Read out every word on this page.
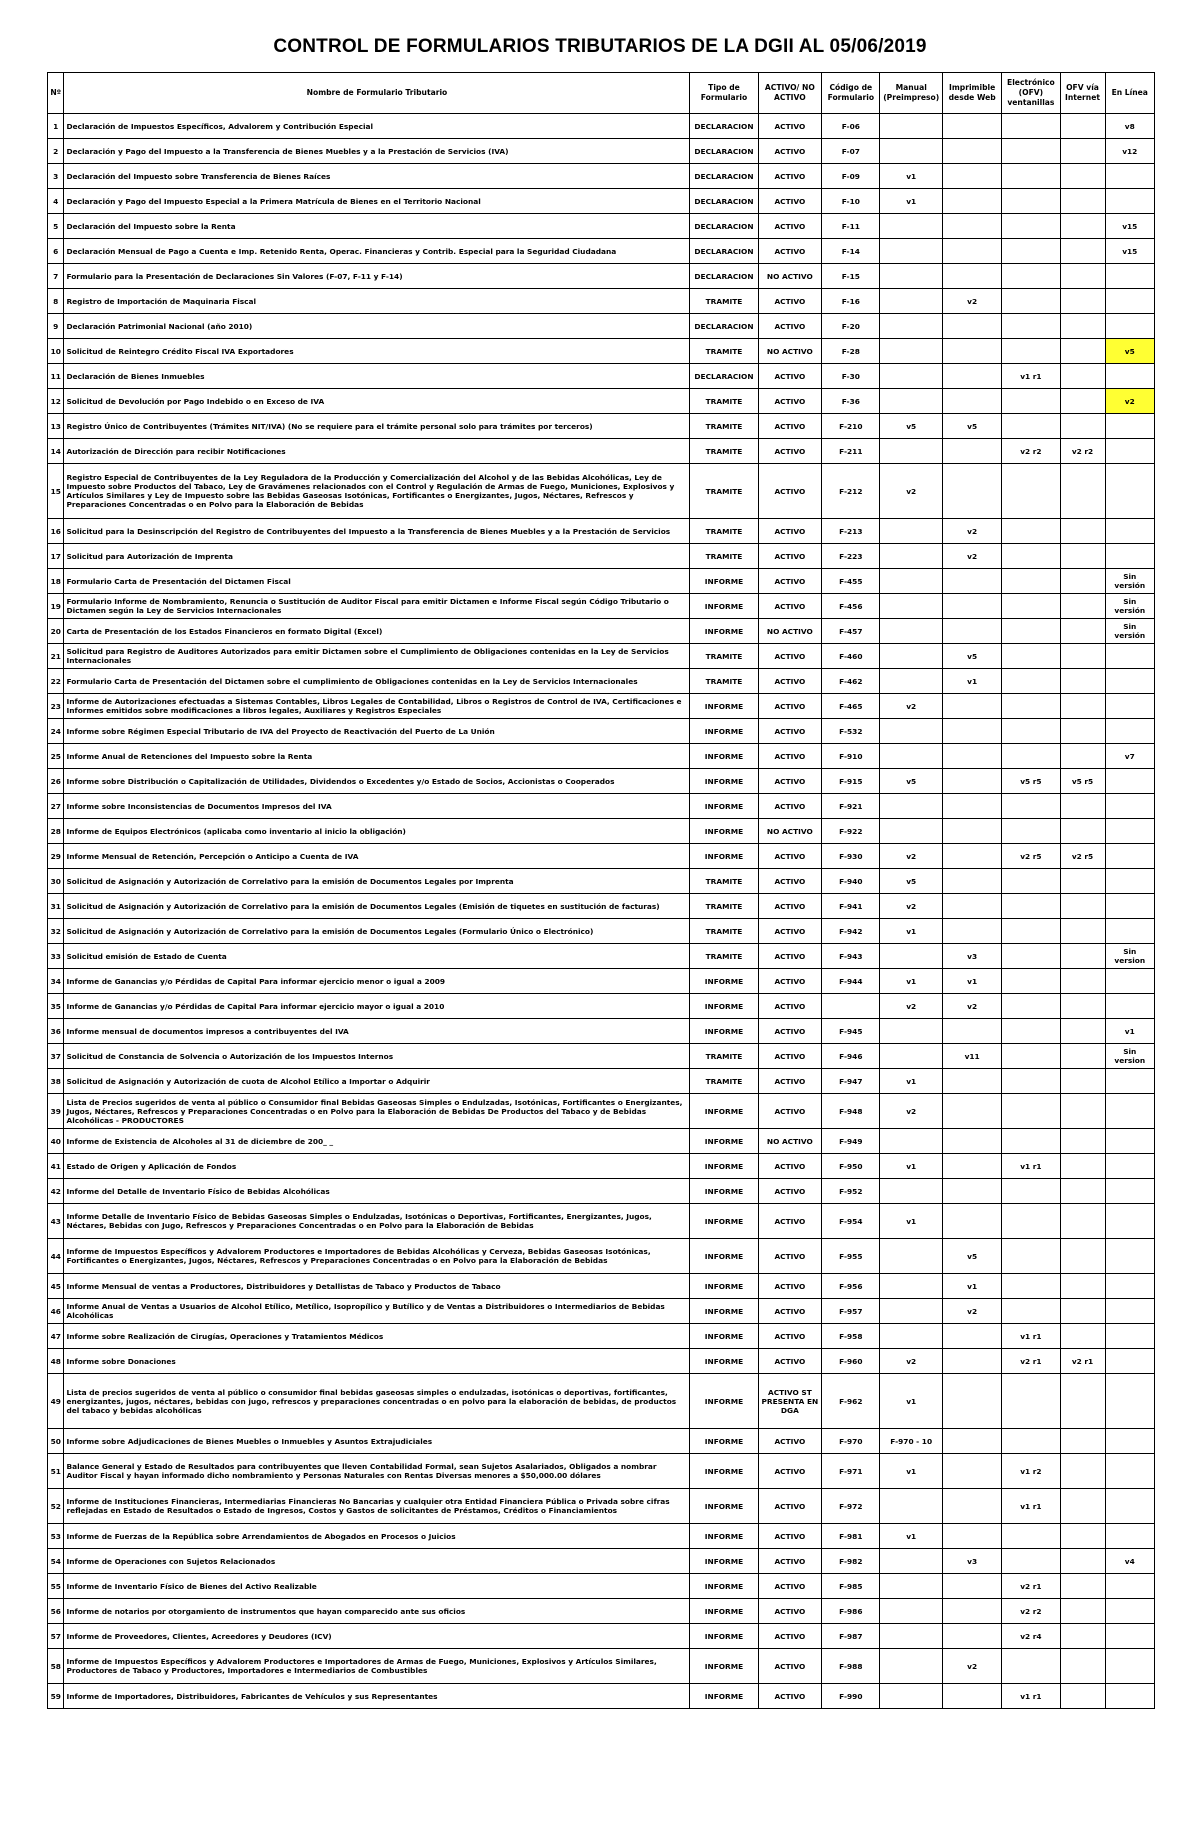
CONTROL DE FORMULARIOS TRIBUTARIOS DE LA DGII AL 05/06/2019
Nº	Nombre de Formulario Tributario	Tipo de Formulario	ACTIVO/ NO ACTIVO	Código de Formulario	Manual (Preimpreso)	Imprimible desde Web	Electrónico (OFV) ventanillas	OFV vía Internet	En Línea
1	Declaración de Impuestos Específicos, Advalorem y Contribución Especial	DECLARACION	ACTIVO	F-06					v8
2	Declaración y Pago del Impuesto a la Transferencia de Bienes Muebles y a la Prestación de Servicios (IVA)	DECLARACION	ACTIVO	F-07					v12
3	Declaración del Impuesto sobre Transferencia de Bienes Raíces	DECLARACION	ACTIVO	F-09	v1				
4	Declaración y Pago del Impuesto Especial a la Primera Matrícula de Bienes en el Territorio Nacional	DECLARACION	ACTIVO	F-10	v1				
5	Declaración del Impuesto sobre la Renta	DECLARACION	ACTIVO	F-11					v15
6	Declaración Mensual de Pago a Cuenta e Imp. Retenido Renta, Operac. Financieras y Contrib. Especial para la Seguridad Ciudadana	DECLARACION	ACTIVO	F-14					v15
7	Formulario para la Presentación de Declaraciones Sin Valores (F-07, F-11 y F-14)	DECLARACION	NO ACTIVO	F-15					
8	Registro de Importación de Maquinaria Fiscal	TRAMITE	ACTIVO	F-16		v2			
9	Declaración Patrimonial Nacional (año 2010)	DECLARACION	ACTIVO	F-20					
10	Solicitud de Reintegro Crédito Fiscal IVA Exportadores	TRAMITE	NO ACTIVO	F-28					v5
11	Declaración de Bienes Inmuebles	DECLARACION	ACTIVO	F-30			v1 r1		
12	Solicitud de Devolución por Pago Indebido o en Exceso de IVA	TRAMITE	ACTIVO	F-36					v2
13	Registro Único de Contribuyentes (Trámites NIT/IVA) (No se requiere para el trámite personal solo para trámites por terceros)	TRAMITE	ACTIVO	F-210	v5	v5			
14	Autorización de Dirección para recibir Notificaciones	TRAMITE	ACTIVO	F-211			v2 r2	v2 r2	
15	Registro Especial de Contribuyentes de la Ley Reguladora de la Producción y Comercialización del Alcohol y de las Bebidas Alcohólicas, Ley de Impuesto sobre Productos del Tabaco, Ley de Gravámenes relacionados con el Control y Regulación de Armas de Fuego, Municiones, Explosivos y Artículos Similares y Ley de Impuesto sobre las Bebidas Gaseosas Isotónicas, Fortificantes o Energizantes, Jugos, Néctares, Refrescos y Preparaciones Concentradas o en Polvo para la Elaboración de Bebidas	TRAMITE	ACTIVO	F-212	v2				
16	Solicitud para la Desinscripción del Registro de Contribuyentes del Impuesto a la Transferencia de Bienes Muebles y a la Prestación de Servicios	TRAMITE	ACTIVO	F-213		v2			
17	Solicitud para Autorización de Imprenta	TRAMITE	ACTIVO	F-223		v2			
18	Formulario Carta de Presentación del Dictamen Fiscal	INFORME	ACTIVO	F-455					Sin versión
19	Formulario Informe de Nombramiento, Renuncia o Sustitución de Auditor Fiscal para emitir Dictamen e Informe Fiscal según Código Tributario o Dictamen según la Ley de Servicios Internacionales	INFORME	ACTIVO	F-456					Sin versión
20	Carta de Presentación de los Estados Financieros en formato Digital (Excel)	INFORME	NO ACTIVO	F-457					Sin versión
21	Solicitud para Registro de Auditores Autorizados para emitir Dictamen sobre el Cumplimiento de Obligaciones contenidas en la Ley de Servicios Internacionales	TRAMITE	ACTIVO	F-460		v5			
22	Formulario Carta de Presentación del Dictamen sobre el cumplimiento de Obligaciones contenidas en la Ley de Servicios Internacionales	TRAMITE	ACTIVO	F-462		v1			
23	Informe de Autorizaciones efectuadas a Sistemas Contables, Libros Legales de Contabilidad, Libros o Registros de Control de IVA, Certificaciones e Informes emitidos sobre modificaciones a libros legales, Auxiliares y Registros Especiales	INFORME	ACTIVO	F-465	v2				
24	Informe sobre Régimen Especial Tributario de IVA del Proyecto de Reactivación del Puerto de La Unión	INFORME	ACTIVO	F-532					
25	Informe Anual de Retenciones del Impuesto sobre la Renta	INFORME	ACTIVO	F-910					v7
26	Informe sobre Distribución o Capitalización de Utilidades, Dividendos o Excedentes y/o Estado de Socios, Accionistas o Cooperados	INFORME	ACTIVO	F-915	v5		v5 r5	v5 r5	
27	Informe sobre Inconsistencias de Documentos Impresos del IVA	INFORME	ACTIVO	F-921					
28	Informe de Equipos Electrónicos (aplicaba como inventario al inicio la obligación)	INFORME	NO ACTIVO	F-922					
29	Informe Mensual de Retención, Percepción o Anticipo a Cuenta de IVA	INFORME	ACTIVO	F-930	v2		v2 r5	v2 r5	
30	Solicitud de Asignación y Autorización de Correlativo para la emisión de Documentos Legales por Imprenta	TRAMITE	ACTIVO	F-940	v5				
31	Solicitud de Asignación y Autorización de Correlativo para la emisión de Documentos Legales (Emisión de tiquetes en sustitución de facturas)	TRAMITE	ACTIVO	F-941	v2				
32	Solicitud de Asignación y Autorización de Correlativo para la emisión de Documentos Legales (Formulario Único o Electrónico)	TRAMITE	ACTIVO	F-942	v1				
33	Solicitud emisión de Estado de Cuenta	TRAMITE	ACTIVO	F-943		v3			Sin version
34	Informe de Ganancias y/o Pérdidas de Capital Para informar ejercicio menor o igual a 2009	INFORME	ACTIVO	F-944	v1	v1			
35	Informe de Ganancias y/o Pérdidas de Capital Para informar ejercicio mayor o igual a 2010	INFORME	ACTIVO		v2	v2			
36	Informe mensual de documentos impresos a contribuyentes del IVA	INFORME	ACTIVO	F-945					v1
37	Solicitud de Constancia de Solvencia o Autorización de los Impuestos Internos	TRAMITE	ACTIVO	F-946		v11			Sin version
38	Solicitud de Asignación y Autorización de cuota de Alcohol Etílico a Importar o Adquirir	TRAMITE	ACTIVO	F-947	v1				
39	Lista de Precios sugeridos de venta al público o Consumidor final Bebidas Gaseosas Simples o Endulzadas, Isotónicas, Fortificantes o Energizantes, Jugos, Néctares, Refrescos y Preparaciones Concentradas o en Polvo para la Elaboración de Bebidas De Productos del Tabaco y de Bebidas Alcohólicas - PRODUCTORES	INFORME	ACTIVO	F-948	v2				
40	Informe de Existencia de Alcoholes al 31 de diciembre de 200_ _	INFORME	NO ACTIVO	F-949					
41	Estado de Origen y Aplicación de Fondos	INFORME	ACTIVO	F-950	v1		v1 r1		
42	Informe del Detalle de Inventario Físico de Bebidas Alcohólicas	INFORME	ACTIVO	F-952					
43	Informe Detalle de Inventario Físico de Bebidas Gaseosas Simples o Endulzadas, Isotónicas o Deportivas, Fortificantes, Energizantes, Jugos, Néctares, Bebidas con Jugo, Refrescos y Preparaciones Concentradas o en Polvo para la Elaboración de Bebidas	INFORME	ACTIVO	F-954	v1				
44	Informe de Impuestos Específicos y Advalorem Productores e Importadores de Bebidas Alcohólicas y Cerveza, Bebidas Gaseosas Isotónicas, Fortificantes o Energizantes, Jugos, Néctares, Refrescos y Preparaciones Concentradas o en Polvo para la Elaboración de Bebidas	INFORME	ACTIVO	F-955		v5			
45	Informe Mensual de ventas a Productores, Distribuidores y Detallistas de Tabaco y Productos de Tabaco	INFORME	ACTIVO	F-956		v1			
46	Informe Anual de Ventas a Usuarios de Alcohol Etílico, Metílico, Isopropílico y Butílico y de Ventas a Distribuidores o Intermediarios de Bebidas Alcohólicas	INFORME	ACTIVO	F-957		v2			
47	Informe sobre Realización de Cirugías, Operaciones y Tratamientos Médicos	INFORME	ACTIVO	F-958			v1 r1		
48	Informe sobre Donaciones	INFORME	ACTIVO	F-960	v2		v2 r1	v2 r1	
49	Lista de precios sugeridos de venta al público o consumidor final bebidas gaseosas simples o endulzadas, isotónicas o deportivas, fortificantes, energizantes, jugos, néctares, bebidas con jugo, refrescos y preparaciones concentradas o en polvo para la elaboración de bebidas, de productos del tabaco y bebidas alcohólicas	INFORME	ACTIVO ST PRESENTA EN DGA	F-962	v1				
50	Informe sobre Adjudicaciones de Bienes Muebles o Inmuebles y Asuntos Extrajudiciales	INFORME	ACTIVO	F-970	F-970 - 10				
51	Balance General y Estado de Resultados para contribuyentes que lleven Contabilidad Formal, sean Sujetos Asalariados, Obligados a nombrar Auditor Fiscal y hayan informado dicho nombramiento y Personas Naturales con Rentas Diversas menores a $50,000.00 dólares	INFORME	ACTIVO	F-971	v1		v1 r2		
52	Informe de Instituciones Financieras, Intermediarias Financieras No Bancarias y cualquier otra Entidad Financiera Pública o Privada sobre cifras reflejadas en Estado de Resultados o Estado de Ingresos, Costos y Gastos de solicitantes de Préstamos, Créditos o Financiamientos	INFORME	ACTIVO	F-972			v1 r1		
53	Informe de Fuerzas de la República sobre Arrendamientos de Abogados en Procesos o Juicios	INFORME	ACTIVO	F-981	v1				
54	Informe de Operaciones con Sujetos Relacionados	INFORME	ACTIVO	F-982		v3			v4
55	Informe de Inventario Físico de Bienes del Activo Realizable	INFORME	ACTIVO	F-985			v2 r1		
56	Informe de notarios por otorgamiento de instrumentos que hayan comparecido ante sus oficios	INFORME	ACTIVO	F-986			v2 r2		
57	Informe de Proveedores, Clientes, Acreedores y Deudores (ICV)	INFORME	ACTIVO	F-987			v2 r4		
58	Informe de Impuestos Específicos y Advalorem Productores e Importadores de Armas de Fuego, Municiones, Explosivos y Artículos Similares, Productores de Tabaco y Productores, Importadores e Intermediarios de Combustibles	INFORME	ACTIVO	F-988		v2			
59	Informe de Importadores, Distribuidores, Fabricantes de Vehículos y sus Representantes	INFORME	ACTIVO	F-990			v1 r1		
